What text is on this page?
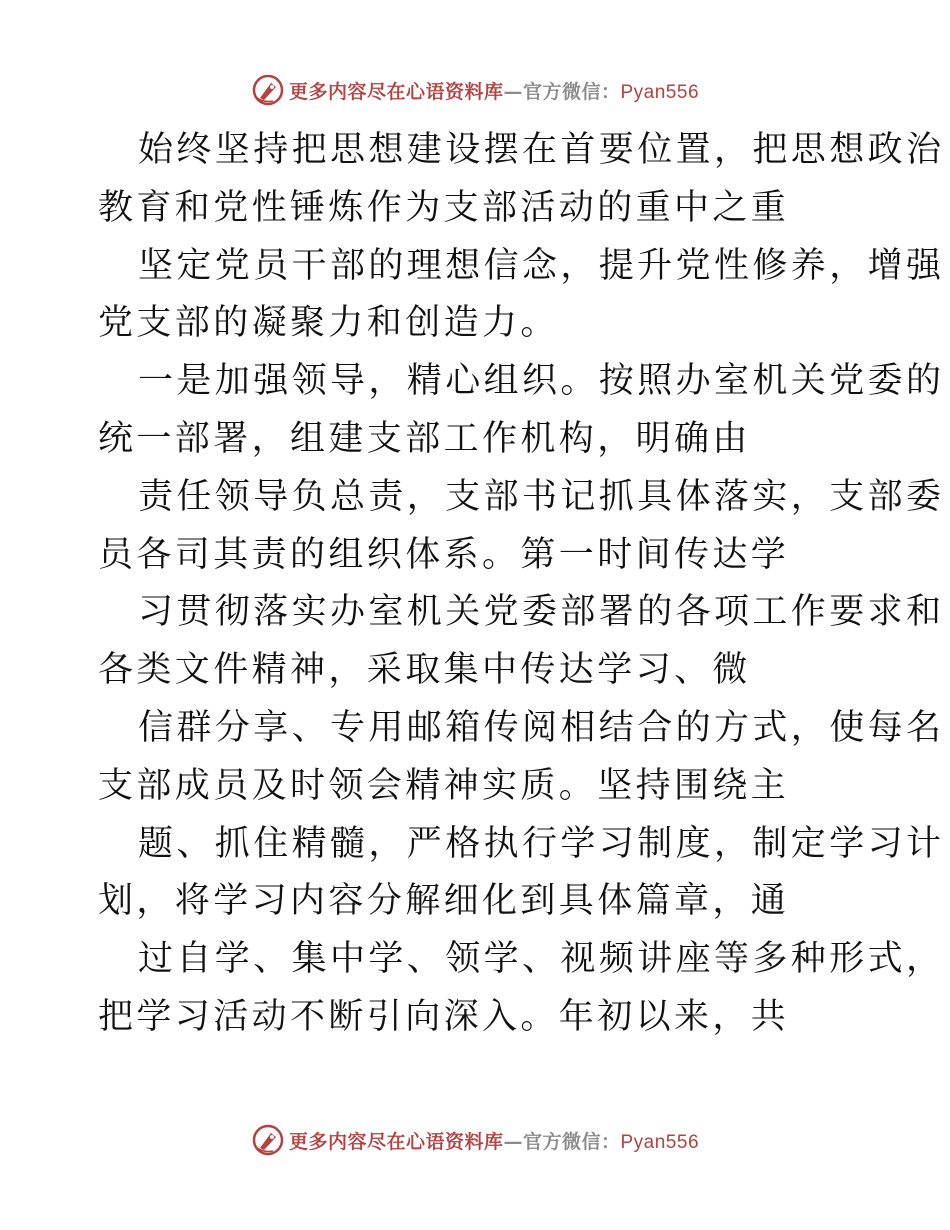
更多内容尽在心语资料库—官方微信：Pyan556
始终坚持把思想建设摆在首要位置，把思想政治
教育和党性锤炼作为支部活动的重中之重
坚定党员干部的理想信念，提升党性修养，增强
党支部的凝聚力和创造力。
一是加强领导，精心组织。按照办室机关党委的
统一部署，组建支部工作机构，明确由
责任领导负总责，支部书记抓具体落实，支部委
员各司其责的组织体系。第一时间传达学
习贯彻落实办室机关党委部署的各项工作要求和
各类文件精神，采取集中传达学习、微
信群分享、专用邮箱传阅相结合的方式，使每名
支部成员及时领会精神实质。坚持围绕主
题、抓住精髓，严格执行学习制度，制定学习计
划，将学习内容分解细化到具体篇章，通
过自学、集中学、领学、视频讲座等多种形式，
把学习活动不断引向深入。年初以来，共
更多内容尽在心语资料库—官方微信：Pyan556
